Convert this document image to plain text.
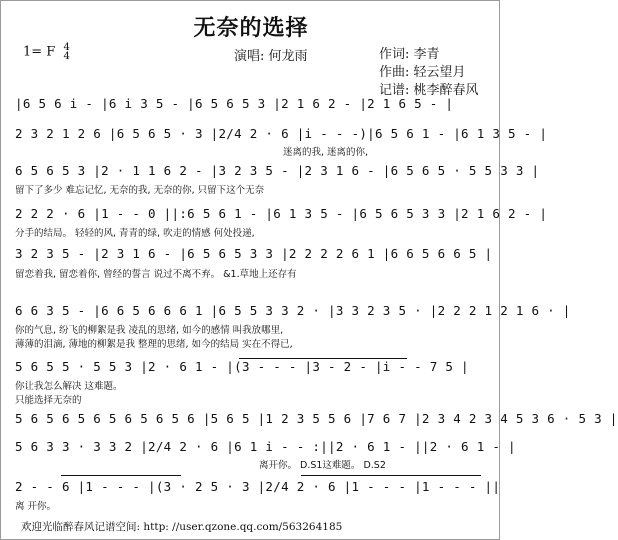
无奈的选择
1= F 4
4	演唱: 何龙雨	作词: 李青
作曲: 轻云望月
记谱: 桃李醉春风
|6 5 6 i - |6 i 3 5 - |6 5 6 5 3 |2 1 6 2 - |2 1 6 5 - |
2 3 2 1 2 6 |6 5 6 5 · 3 |2/4 2 · 6 |i - - -)|6 5 6 1 - |6 1 3 5 - |
迷离的我, 迷离的你,
6 5 6 5 3 |2 · 1 1 6 2 - |3 2 3 5 - |2 3 1 6 - |6 5 6 5 · 5 5 3 3 |
留下了多少 难忘记忆, 无奈的我, 无奈的你, 只留下这个无奈
2 2 2 · 6 |1 - - 0 ||:6 5 6 1 - |6 1 3 5 - |6 5 6 5 3 3 |2 1 6 2 - |
分手的结局。 轻轻的风, 青青的绿, 吹走的情感 何处投递,
3 2 3 5 - |2 3 1 6 - |6 5 6 5 3 3 |2 2 2 2 6 1 |6 6 5 6 6 5 |
留恋着我, 留恋着你, 曾经的誓言 说过不离不弃。 &1.草地上还存有
6 6 3 5 - |6 6 5 6 6 6 1 |6 5 5 3 3 2 · |3 3 2 3 5 · |2 2 2 1 2 1 6 · |
你的气息, 纷飞的柳絮是我 凌乱的思绪, 如今的感情 叫我放哪里,
薄薄的泪滴, 薄地的柳絮是我 整理的思绪, 如今的结局 实在不得已,
5 6 5 5 · 5 5 3 |2 · 6 1 - |(3 - - - |3 - 2 - |i - - 7 5 |
你让我怎么解决 这难题。
只能选择无奈的
5 6 5 6 5 6 5 6 5 6 5 6 |5 6 5 |1 2 3 5 5 6 |7 6 7 |2 3 4 2 3 4 5 3 6 · 5 3 |
5 6 3 3 · 3 3 2 |2/4 2 · 6 |6 1 i - - :||2 · 6 1 - ||2 · 6 1 - |
离开你。 D.S1这难题。 D.S2
2 - - 6 |1 - - - |(3 · 2 5 · 3 |2/4 2 · 6 |1 - - - |1 - - - ||
离 开你。
欢迎光临醉春风记谱空间: http: //user.qzone.qq.com/563264185
